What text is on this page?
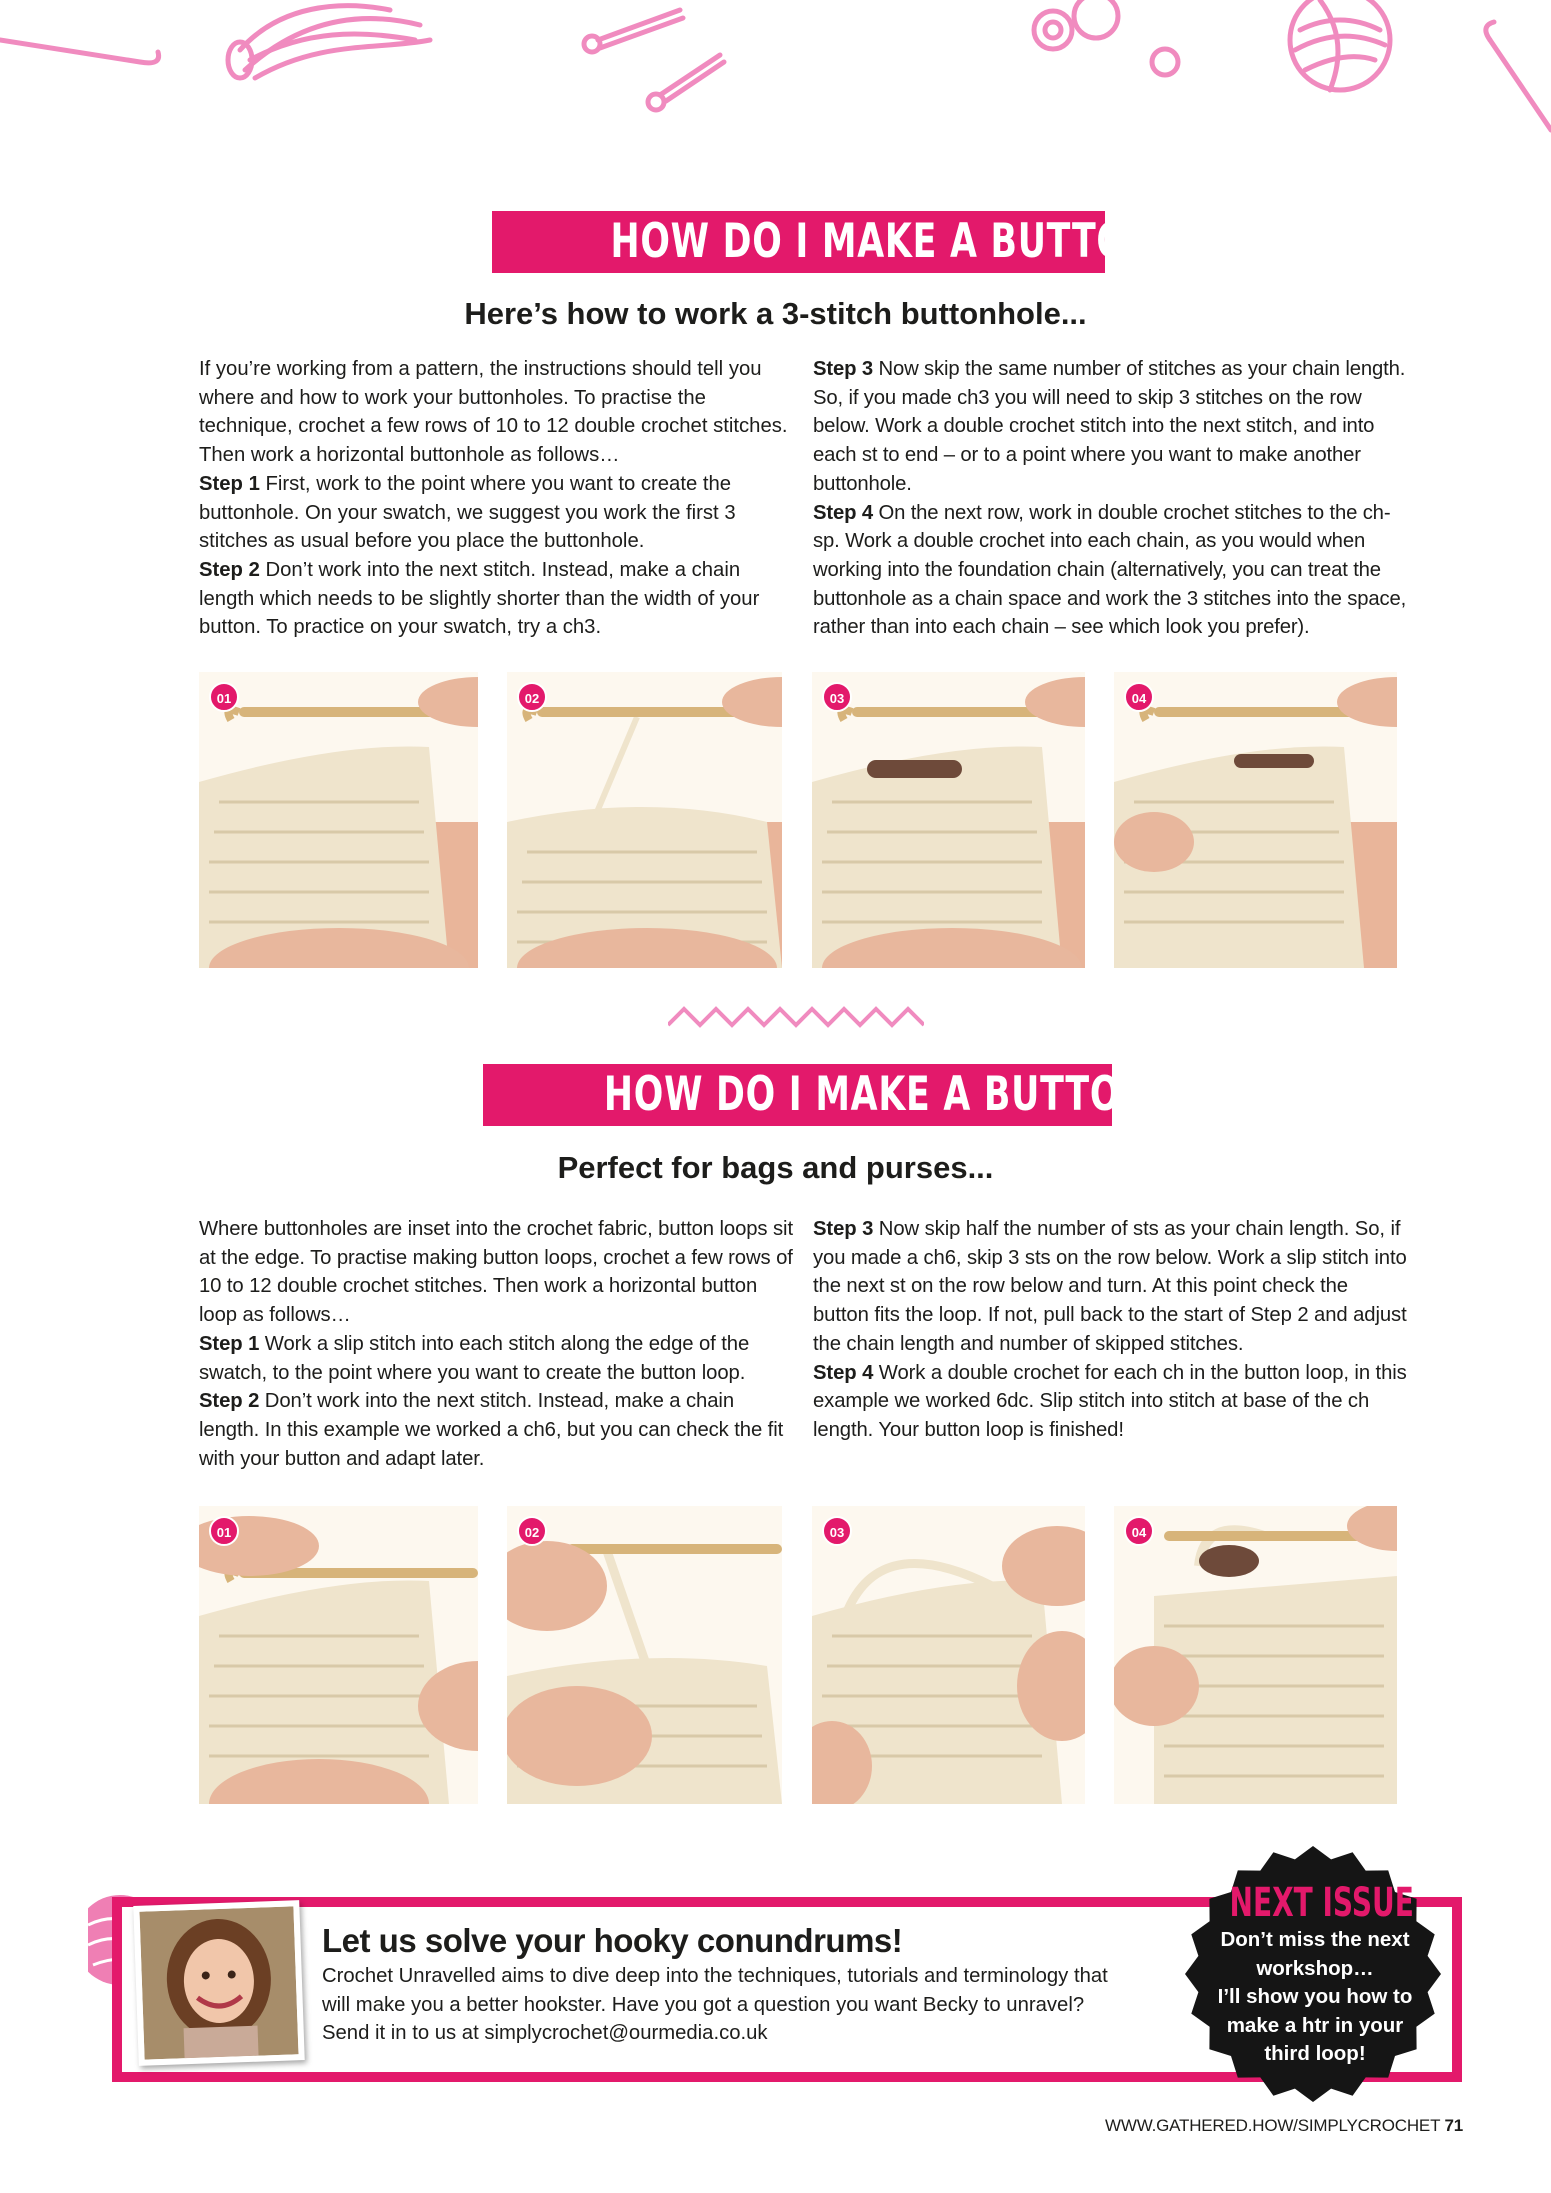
HOW DO I MAKE A BUTTONHOLE?
Here’s how to work a 3-stitch buttonhole...

If you’re working from a pattern, the instructions should tell you where and how to work your buttonholes. To practise the technique, crochet a few rows of 10 to 12 double crochet stitches. Then work a horizontal buttonhole as follows…

Step 1 First, work to the point where you want to create the buttonhole. On your swatch, we suggest you work the first 3 stitches as usual before you place the buttonhole.

Step 2 Don’t work into the next stitch. Instead, make a chain length which needs to be slightly shorter than the width of your button. To practice on your swatch, try a ch3.

Step 3 Now skip the same number of stitches as your chain length. So, if you made ch3 you will need to skip 3 stitches on the row below. Work a double crochet stitch into the next stitch, and into each st to end – or to a point where you want to make another buttonhole.

Step 4 On the next row, work in double crochet stitches to the ch-sp. Work a double crochet into each chain, as you would when working into the foundation chain (alternatively, you can treat the buttonhole as a chain space and work the 3 stitches into the space, rather than into each chain – see which look you prefer).

01	02	03	04
HOW DO I MAKE A BUTTON LOOP?
Perfect for bags and purses...

Where buttonholes are inset into the crochet fabric, button loops sit at the edge. To practise making button loops, crochet a few rows of 10 to 12 double crochet stitches. Then work a horizontal button loop as follows…

Step 1 Work a slip stitch into each stitch along the edge of the swatch, to the point where you want to create the button loop.

Step 2 Don’t work into the next stitch. Instead, make a chain length. In this example we worked a ch6, but you can check the fit with your button and adapt later.

Step 3 Now skip half the number of sts as your chain length. So, if you made a ch6, skip 3 sts on the row below. Work a slip stitch into the next st on the row below and turn. At this point check the button fits the loop. If not, pull back to the start of Step 2 and adjust the chain length and number of skipped stitches.

Step 4 Work a double crochet for each ch in the button loop, in this example we worked 6dc. Slip stitch into stitch at base of the ch length. Your button loop is finished!

01	02	03	04
Let us solve your hooky conundrums!

Crochet Unravelled aims to dive deep into the techniques, tutorials and terminology that

will make you a better hookster. Have you got a question you want Becky to unravel?

Send it in to us at simplycrochet@ourmedia.co.uk

NEXT ISSUE
Don’t miss the next
workshop…
I’ll show you how to
make a htr in your
third loop!
WWW.GATHERED.HOW/SIMPLYCROCHET 71
